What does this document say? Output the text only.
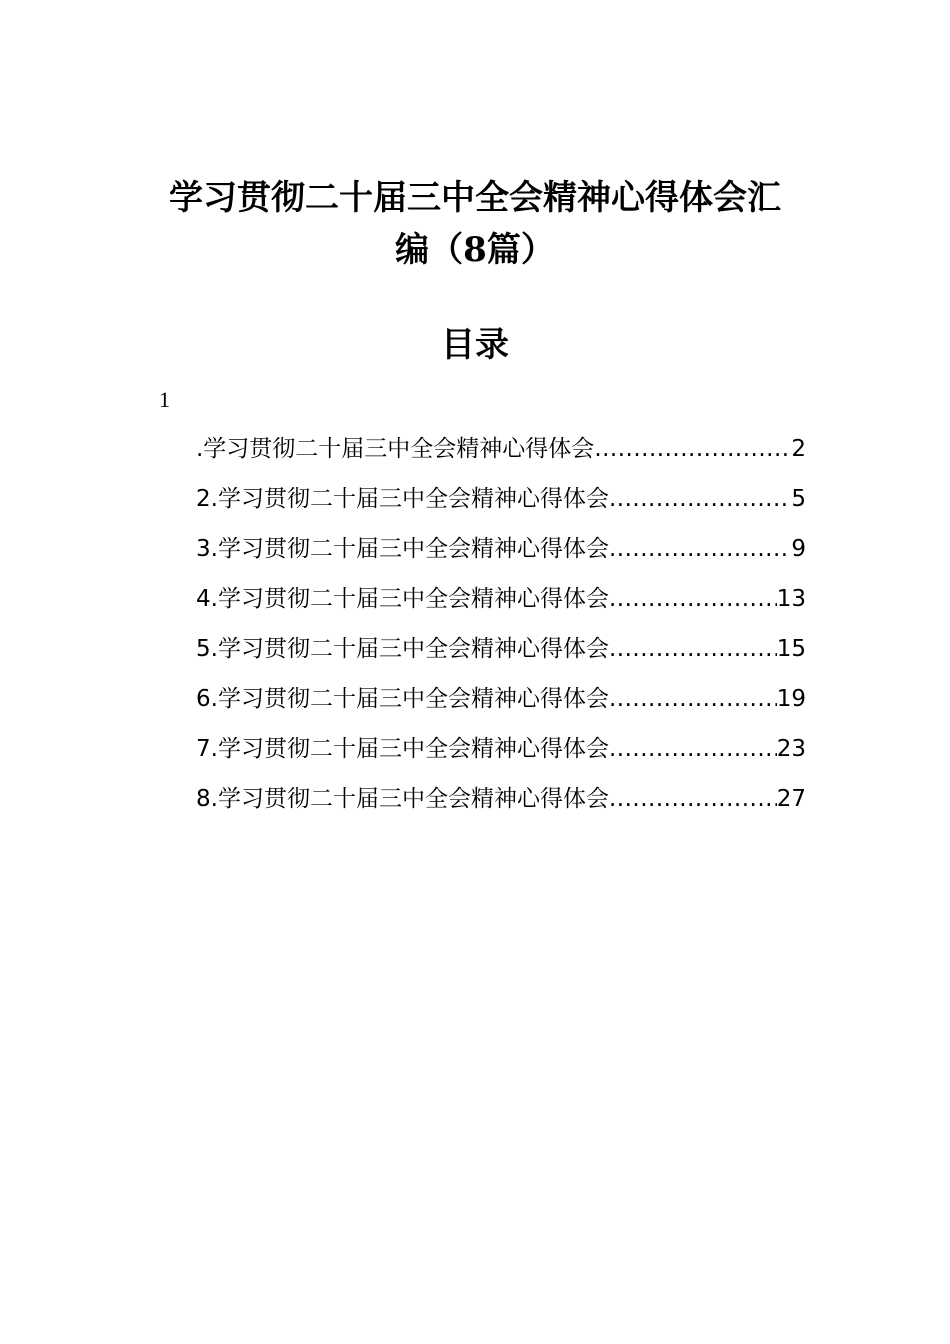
学习贯彻二十届三中全会精神心得体会汇
编（8篇）
目录
1
.学习贯彻二十届三中全会精神心得体会 .....	2
2.学习贯彻二十届三中全会精神心得体会 .....	5
3.学习贯彻二十届三中全会精神心得体会 .....	9
4.学习贯彻二十届三中全会精神心得体会 .....	13
5.学习贯彻二十届三中全会精神心得体会 .....	15
6.学习贯彻二十届三中全会精神心得体会 .....	19
7.学习贯彻二十届三中全会精神心得体会 .....	23
8.学习贯彻二十届三中全会精神心得体会 .....	27
